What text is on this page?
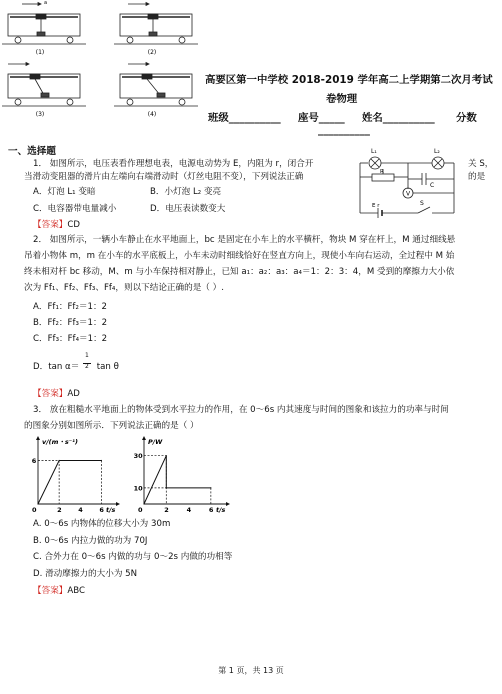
(1)
a
(2)
(3)	(4)
高要区第一中学校 2018-2019 学年高二上学期第二次月考试
卷物理
班级__________ 座号_____ 姓名__________ 分数
__________
一、选择题
1． 如图所示，电压表看作理想电表，电源电动势为 E，内阻为 r，闭合开	关 S，
当滑动变阻器的滑片由左端向右端滑动时（灯丝电阻不变），下列说法正确	的是
A．灯泡 L₁ 变暗	B．小灯泡 L₂ 变亮
C．电容器带电量减小	D．电压表读数变大
【答案】CD
L₁	L₂
R
C
V
E r	S
2． 如图所示，一辆小车静止在水平地面上，bc 是固定在小车上的水平横杆，物块 M 穿在杆上，M 通过细线悬
吊着小物体 m，m 在小车的水平底板上，小车未动时细线恰好在竖直方向上，现使小车向右运动，全过程中 M 始
终未相对杆 bc 移动，M、m 与小车保持相对静止，已知 a₁：a₂：a₃：a₄＝1：2：3：4，M 受到的摩擦力大小依
次为 Ff₁、Ff₂、Ff₃、Ff₄，则以下结论正确的是（ ）.
A．Ff₁：Ff₂＝1：2
B．Ff₂：Ff₃＝1：2
C．Ff₃：Ff₄＝1：2
D．$\tan \alpha= \frac{1}{2}$ tan θ
【答案】AD
3． 放在粗糙水平地面上的物体受到水平拉力的作用，在 0～6s 内其速度与时间的图象和该拉力的功率与时间
的图象分别如图所示．下列说法正确的是（ ）
v/(m・s⁻¹)
t/s
0	2	4	6
6
P/W
t/s
0	2	4	6
30
10
A. 0～6s 内物体的位移大小为 30m
B. 0～6s 内拉力做的功为 70J
C. 合外力在 0～6s 内做的功与 0～2s 内做的功相等
D. 滑动摩擦力的大小为 5N
【答案】ABC
第 1 页，共 13 页
